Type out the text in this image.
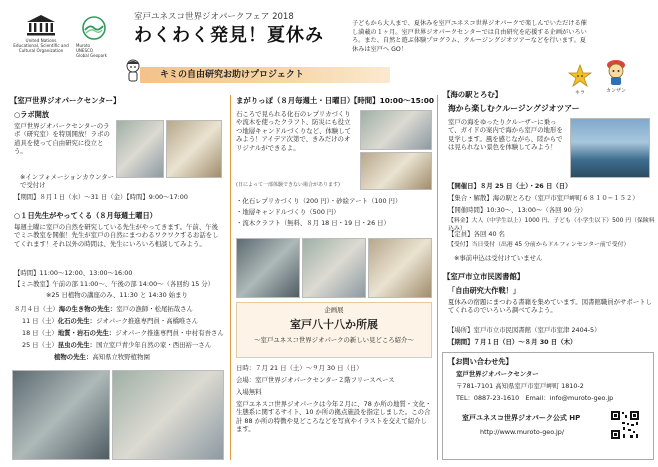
United Nations
Educational, Scientific and
Cultural Organization
Muroto
UNESCO
Global Geopark
室戸ユネスコ世界ジオパークフェア 2018
わくわく発見！夏休み
キミの自由研究お助けプロジェクト
子どもから大人まで、夏休みを室戸ユネスコ世界ジオパークで楽しんでいただける催し満載の１ヶ月。室戸世界ジオパークセンターでは自由研究を応援する企画がいろいろ。また、自然と遊ぶ体験プログラム、クルージングジオツアーなどを行います。夏休みは室戸へ GO！
キラ	カンザン
【室戸世界ジオパークセンター】
○ラボ開放
室戸世界ジオパークセンターのラボ（研究室）を特別開放！ラボの道具を使って自由研究に役立とう。
※インフォメーションカウンターで受付け
【期間】８月１日（水）〜31 日（金）【時間】9:00〜17:00
○１日先生がやってくる（８月毎週土曜日）
毎週土曜に室戸の自然を研究している先生がやってきます。午前、午後でミニ教室を開催！先生が室戸の自然にまつわるワクワクするお話をしてくれます！それ以外の時間は、先生にいろいろ相談してみよう。
【時間】11:00〜12:00、13:00〜16:00
【ミニ教室】午前の部 11:00〜、午後の部 14:00〜（各回約 15 分）
※25 日植物の講座のみ、11:30 と 14:30 始まり
８月４日（土）海の生き物の先生：室戸の漁師・松尾拓哉さん
11 日（土）化石の先生：ジオパーク推進専門員・高橋唯さん
18 日（土）地質・岩石の先生：ジオパーク推進専門員・中村有吾さん
25 日（土）昆虫の先生：国立室戸青少年自然の家・西田裕一さん
植物の先生：高知県立牧野植物園
まがりっぽ（８月毎週土・日曜日）
【時間】10:00〜15:00
石ころで見られる化石のレプリカづくりや流木を使ったクラフト、防災にも役立つ地層キャンドルづくりなど、体験してみよう！アイデア次第で、きみだけのオリジナルができるよ。
(日によって一部体験できない場合があります)
・化石レプリカづくり（200 円）・砂絵アート（100 円）
・地層キャンドルづくり（500 円）
・流木クラフト（無料、８月 18 日・19 日・26 日）
企画展
室戸八十八か所展
〜室戸ユネスコ世界ジオパークの新しい見どころ紹介〜
日時：７月 21 日（土）〜９月 30 日（日）
会場：室戸世界ジオパークセンター２階フリースペース
入場無料
室戸ユネスコ世界ジオパークは今年２月に、78 か所の地質・文化・生態系に関するサイト、10 か所の拠点施設を指定しました。この合計 88 か所の特徴や見どころなどを写真やイラストを交えて紹介します。
【海の駅とろむ】
海から楽しむクルージングジオツアー
室戸の海をゆったりクルーザーに乗って、ガイドの案内で海から室戸の地形を見学します。風を感じながら、陸からでは見られない景色を体験してみよう！
【開催日】８月 25 日（土）・26 日（日）
【集合・解散】海の駅とろむ（室戸市室戸岬町６８１０−１５２）
【開催時間】10:30〜、13:00〜（各回 90 分）
【料金】大人（中学生以上）1000 円、子ども（小学生以下）500 円（保険料込み）
【定員】各回 40 名
【受付】当日受付（出港 45 分前からドルフィンセンター前で受付）
※事前申込は受付けていません
【室戸市立市民図書館】
「自由研究大作戦！」
夏休みの宿題にまつわる書籍を集めています。図書館職員がサポートしてくれるのでいろいろ調べてみよう。
【場所】室戸市立市民図書館（室戸市室津 2404-5）
【期間】７月１日（日）〜８月 30 日（木）
【お問い合わせ先】
室戸世界ジオパークセンター
〒781-7101 高知県室戸市室戸岬町 1810-2
TEL：0887-23-1610　Email：info@muroto-geo.jp
室戸ユネスコ世界ジオパーク公式 HP
http://www.muroto-geo.jp/
